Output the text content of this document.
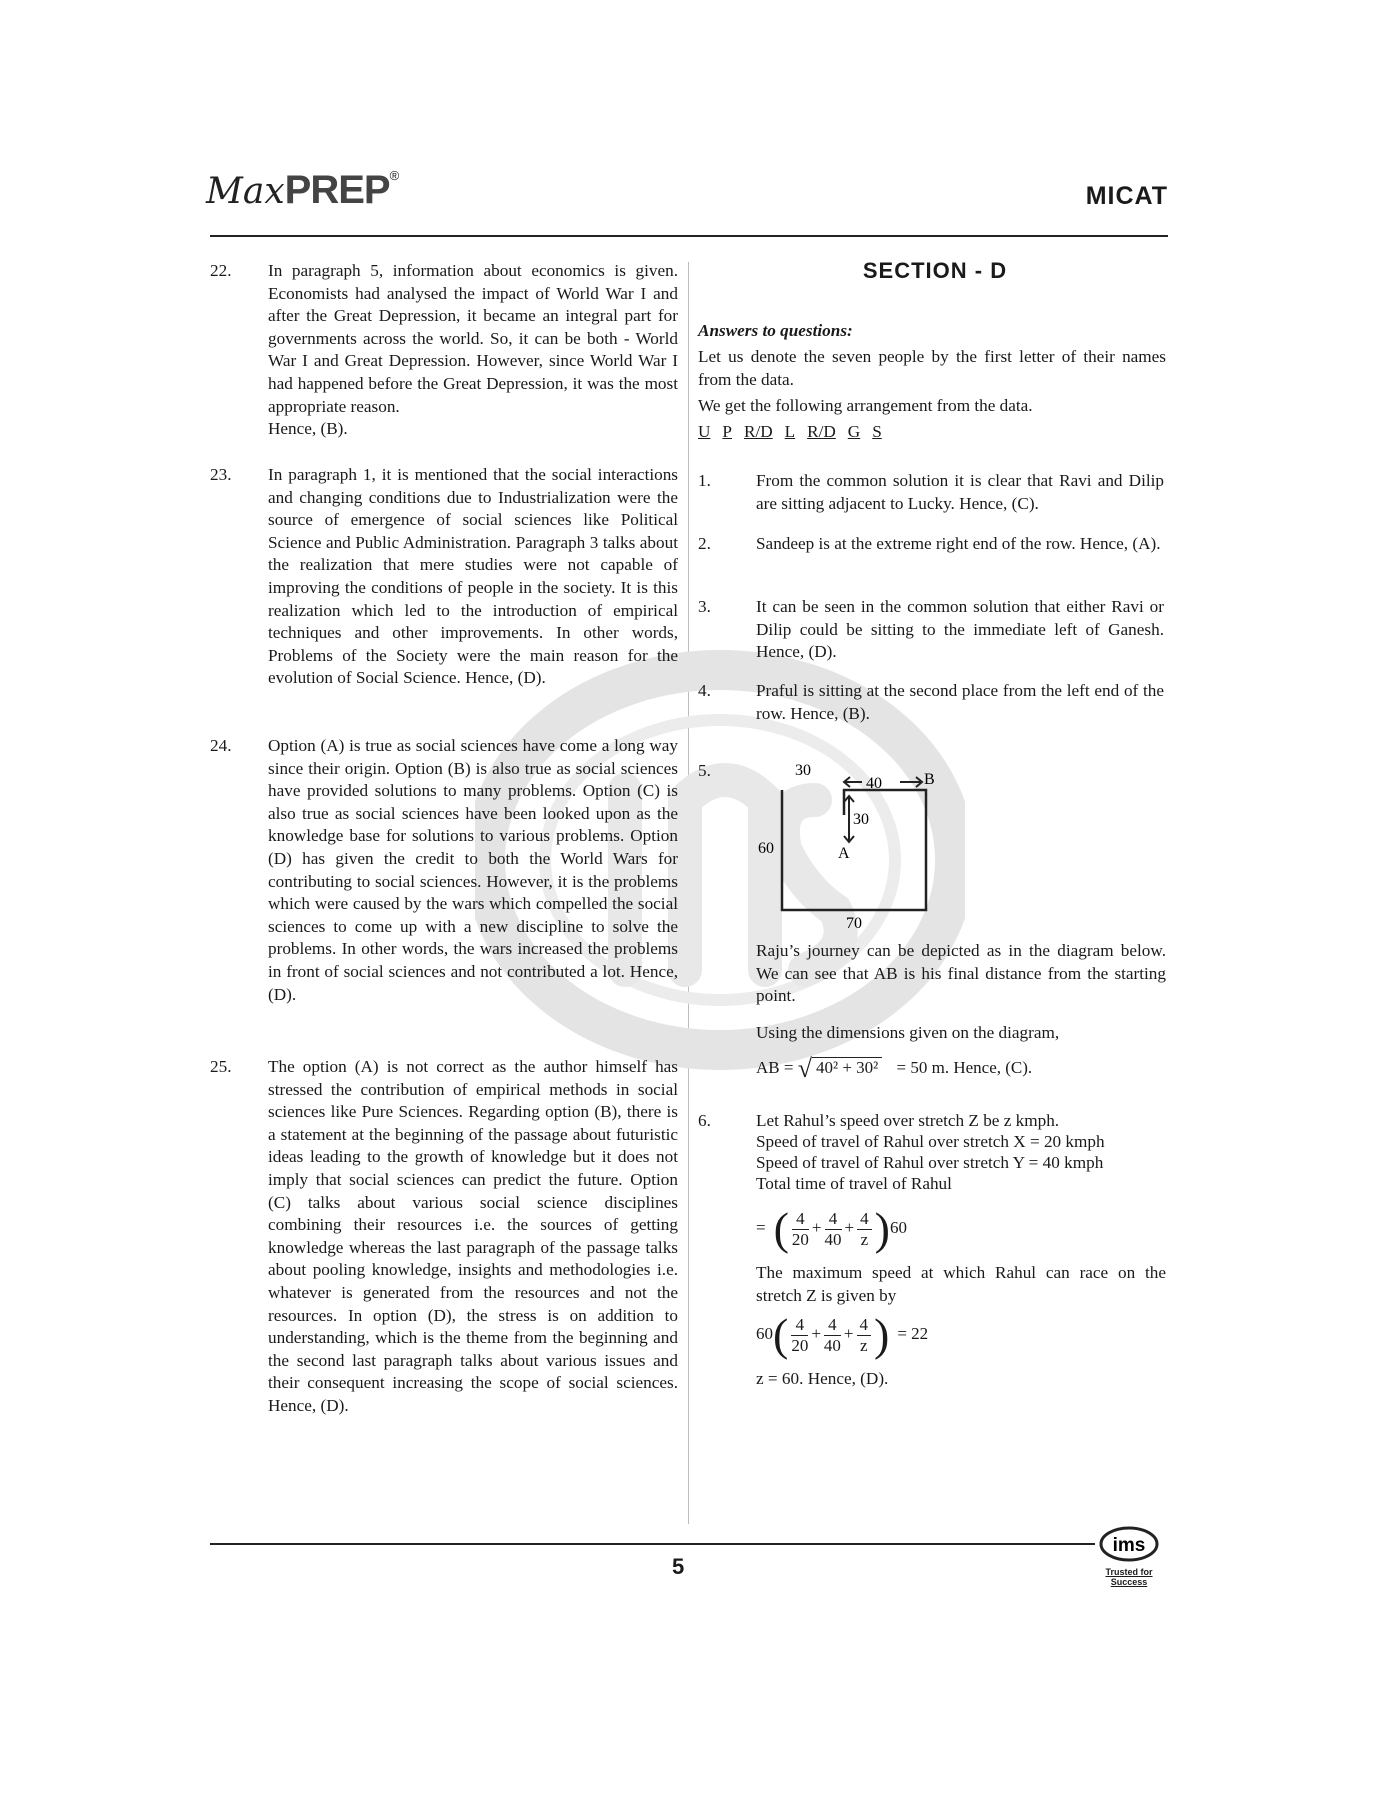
MaxPREP®
MICAT
22. In paragraph 5, information about economics is given. Economists had analysed the impact of World War I and after the Great Depression, it became an integral part for governments across the world. So, it can be both - World War I and Great Depression. However, since World War I had happened before the Great Depression, it was the most appropriate reason.
Hence, (B).
23. In paragraph 1, it is mentioned that the social interactions and changing conditions due to Industrialization were the source of emergence of social sciences like Political Science and Public Administration. Paragraph 3 talks about the realization that mere studies were not capable of improving the conditions of people in the society. It is this realization which led to the introduction of empirical techniques and other improvements. In other words, Problems of the Society were the main reason for the evolution of Social Science. Hence, (D).
24. Option (A) is true as social sciences have come a long way since their origin. Option (B) is also true as social sciences have provided solutions to many problems. Option (C) is also true as social sciences have been looked upon as the knowledge base for solutions to various problems. Option (D) has given the credit to both the World Wars for contributing to social sciences. However, it is the problems which were caused by the wars which compelled the social sciences to come up with a new discipline to solve the problems. In other words, the wars increased the problems in front of social sciences and not contributed a lot. Hence, (D).
25. The option (A) is not correct as the author himself has stressed the contribution of empirical methods in social sciences like Pure Sciences. Regarding option (B), there is a statement at the beginning of the passage about futuristic ideas leading to the growth of knowledge but it does not imply that social sciences can predict the future. Option (C) talks about various social science disciplines combining their resources i.e. the sources of getting knowledge whereas the last paragraph of the passage talks about pooling knowledge, insights and methodologies i.e. whatever is generated from the resources and not the resources. In option (D), the stress is on addition to understanding, which is the theme from the beginning and the second last paragraph talks about various issues and their consequent increasing the scope of social sciences. Hence, (D).
SECTION - D
Answers to questions:
Let us denote the seven people by the first letter of their names from the data.
We get the following arrangement from the data.
U P R/D L R/D G S
1.	From the common solution it is clear that Ravi and Dilip are sitting adjacent to Lucky. Hence, (C).
2.	Sandeep is at the extreme right end of the row. Hence, (A).
3.	It can be seen in the common solution that either Ravi or Dilip could be sitting to the immediate left of Ganesh. Hence, (D).
4.	Praful is sitting at the second place from the left end of the row. Hence, (B).
5.	30
40	B
30
A
60
70
Raju’s journey can be depicted as in the diagram below. We can see that AB is his final distance from the starting point.
Using the dimensions given on the diagram,
AB = √ 40² + 30² = 50 m. Hence, (C).
6.	Let Rahul’s speed over stretch Z be z kmph.
Speed of travel of Rahul over stretch X = 20 kmph
Speed of travel of Rahul over stretch Y = 40 kmph
Total time of travel of Rahul
= ( $\frac{4}{20} + \frac{4}{40} + \frac{4}{z} )60$
The maximum speed at which Rahul can race on the stretch Z is given by
$60( \frac{4}{20} + \frac{4}{40} + \frac{4}{z}$ ) = 22
z = 60. Hence, (D).
5
ims
Trusted for Success
